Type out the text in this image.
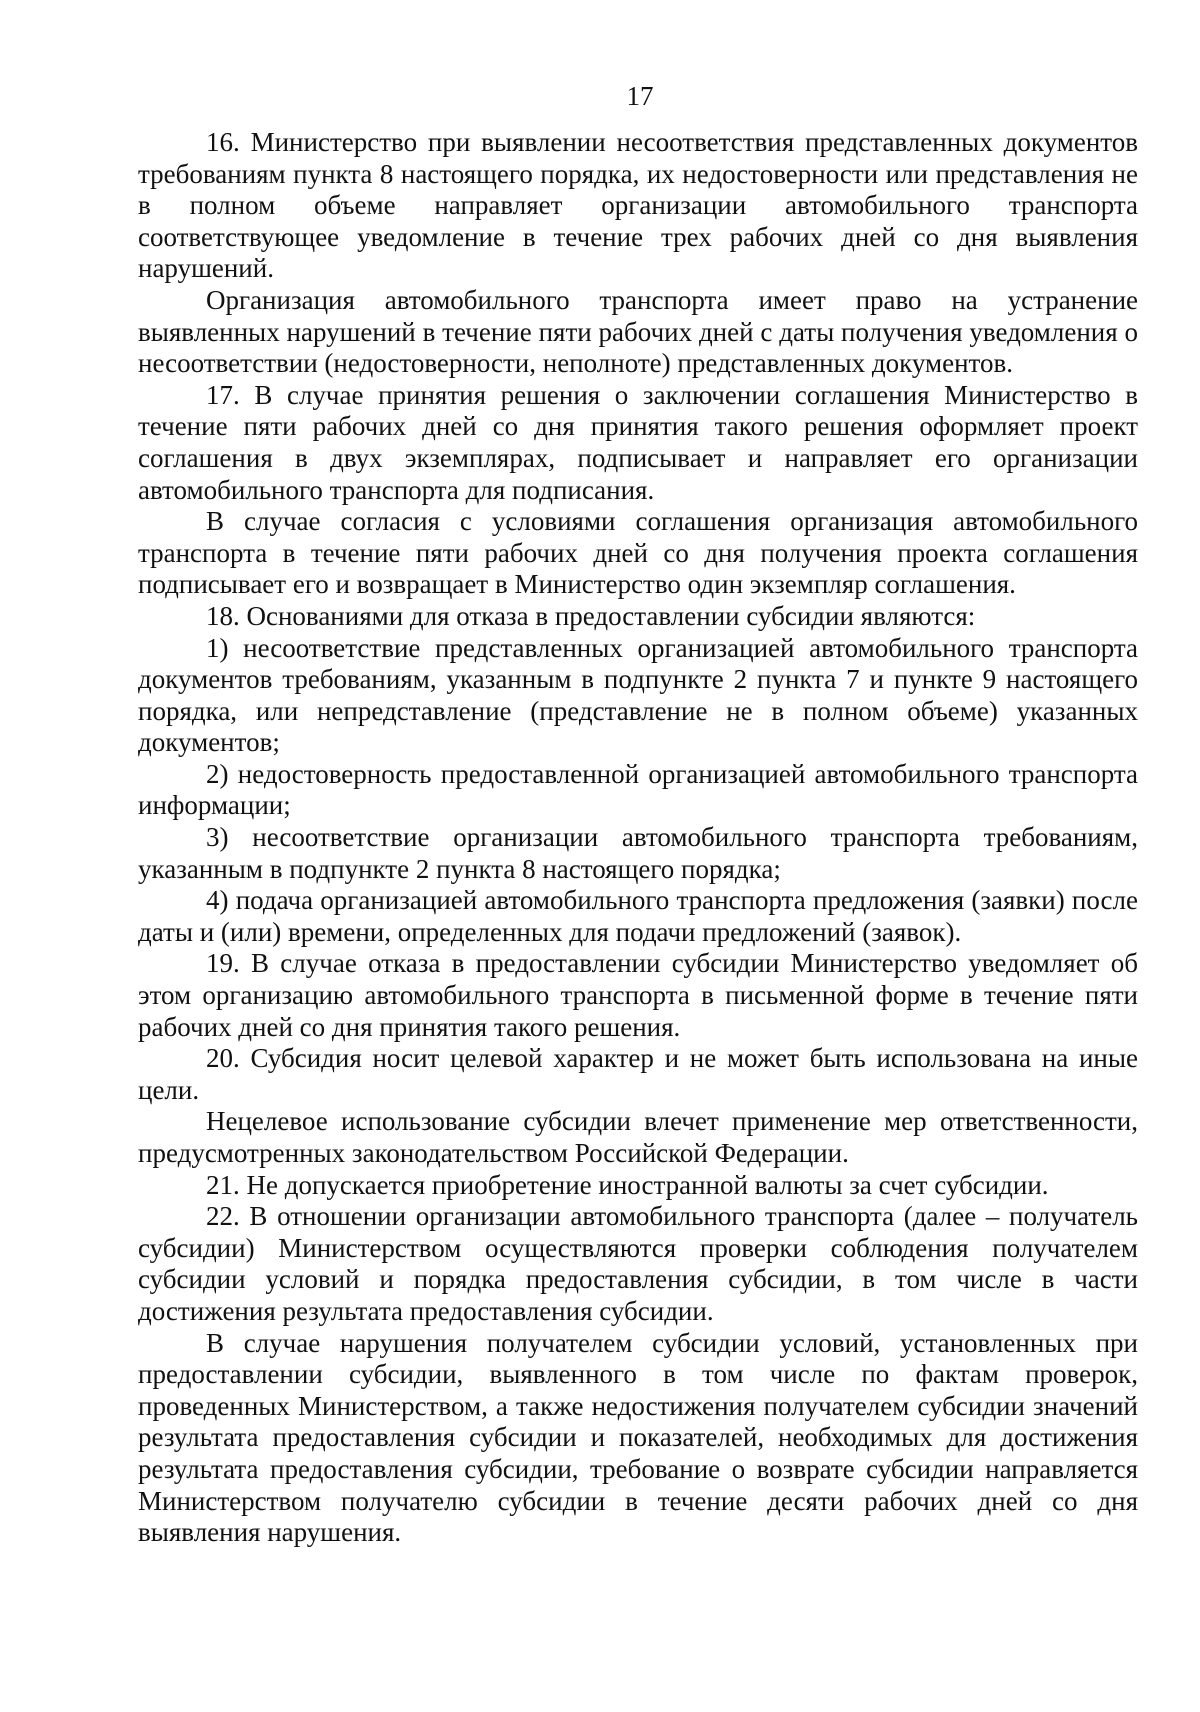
17

16. Министерство при выявлении несоответствия представленных документов требованиям пункта 8 настоящего порядка, их недостоверности или представления не в полном объеме направляет организации автомобильного транспорта соответствующее уведомление в течение трех рабочих дней со дня выявления нарушений.

Организация автомобильного транспорта имеет право на устранение выявленных нарушений в течение пяти рабочих дней с даты получения уведомления о несоответствии (недостоверности, неполноте) представленных документов.

17. В случае принятия решения о заключении соглашения Министерство в течение пяти рабочих дней со дня принятия такого решения оформляет проект соглашения в двух экземплярах, подписывает и направляет его организации автомобильного транспорта для подписания.

В случае согласия с условиями соглашения организация автомобильного транспорта в течение пяти рабочих дней со дня получения проекта соглашения подписывает его и возвращает в Министерство один экземпляр соглашения.

18. Основаниями для отказа в предоставлении субсидии являются:

1) несоответствие представленных организацией автомобильного транспорта документов требованиям, указанным в подпункте 2 пункта 7 и пункте 9 настоящего порядка, или непредставление (представление не в полном объеме) указанных документов;

2) недостоверность предоставленной организацией автомобильного транспорта информации;

3) несоответствие организации автомобильного транспорта требованиям, указанным в подпункте 2 пункта 8 настоящего порядка;

4) подача организацией автомобильного транспорта предложения (заявки) после даты и (или) времени, определенных для подачи предложений (заявок).

19. В случае отказа в предоставлении субсидии Министерство уведомляет об этом организацию автомобильного транспорта в письменной форме в течение пяти рабочих дней со дня принятия такого решения.

20. Субсидия носит целевой характер и не может быть использована на иные цели.

Нецелевое использование субсидии влечет применение мер ответственности, предусмотренных законодательством Российской Федерации.

21. Не допускается приобретение иностранной валюты за счет субсидии.

22. В отношении организации автомобильного транспорта (далее – получатель субсидии) Министерством осуществляются проверки соблюдения получателем субсидии условий и порядка предоставления субсидии, в том числе в части достижения результата предоставления субсидии.

В случае нарушения получателем субсидии условий, установленных при предоставлении субсидии, выявленного в том числе по фактам проверок, проведенных Министерством, а также недостижения получателем субсидии значений результата предоставления субсидии и показателей, необходимых для достижения результата предоставления субсидии, требование о возврате субсидии направляется Министерством получателю субсидии в течение десяти рабочих дней со дня выявления нарушения.
